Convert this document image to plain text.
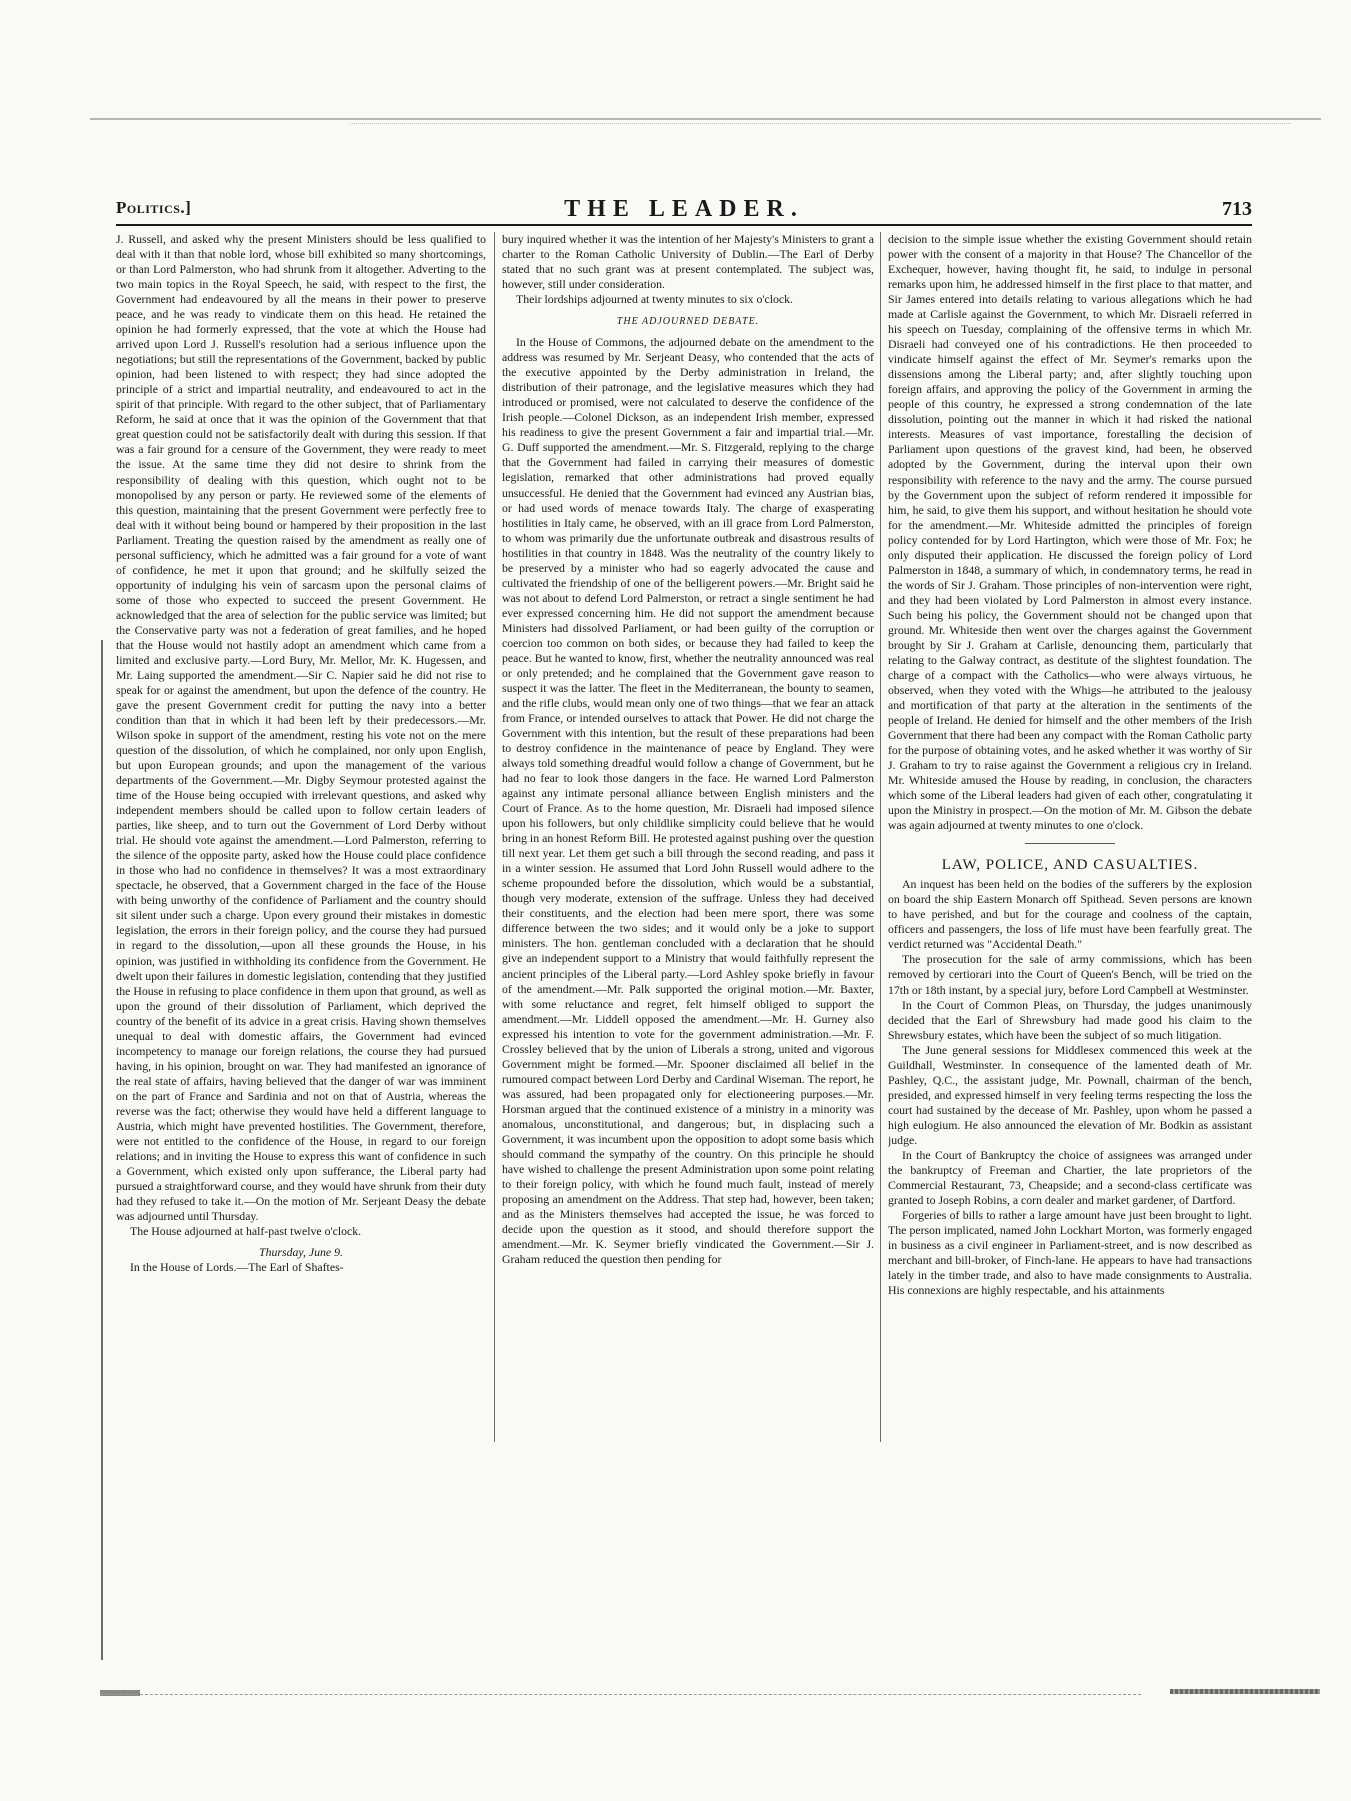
Politics.]	THE LEADER.	713

J. Russell, and asked why the present Ministers should be less qualified to deal with it than that noble lord, whose bill exhibited so many shortcomings, or than Lord Palmerston, who had shrunk from it altogether. Adverting to the two main topics in the Royal Speech, he said, with respect to the first, the Government had endeavoured by all the means in their power to preserve peace, and he was ready to vindicate them on this head. He retained the opinion he had formerly expressed, that the vote at which the House had arrived upon Lord J. Russell's resolution had a serious influence upon the negotiations; but still the representations of the Government, backed by public opinion, had been listened to with respect; they had since adopted the principle of a strict and impartial neutrality, and endeavoured to act in the spirit of that principle. With regard to the other subject, that of Parliamentary Reform, he said at once that it was the opinion of the Government that that great question could not be satisfactorily dealt with during this session. If that was a fair ground for a censure of the Government, they were ready to meet the issue. At the same time they did not desire to shrink from the responsibility of dealing with this question, which ought not to be monopolised by any person or party. He reviewed some of the elements of this question, maintaining that the present Government were perfectly free to deal with it without being bound or hampered by their proposition in the last Parliament. Treating the question raised by the amendment as really one of personal sufficiency, which he admitted was a fair ground for a vote of want of confidence, he met it upon that ground; and he skilfully seized the opportunity of indulging his vein of sarcasm upon the personal claims of some of those who expected to succeed the present Government. He acknowledged that the area of selection for the public service was limited; but the Conservative party was not a federation of great families, and he hoped that the House would not hastily adopt an amendment which came from a limited and exclusive party.—Lord Bury, Mr. Mellor, Mr. K. Hugessen, and Mr. Laing supported the amendment.—Sir C. Napier said he did not rise to speak for or against the amendment, but upon the defence of the country. He gave the present Government credit for putting the navy into a better condition than that in which it had been left by their predecessors.—Mr. Wilson spoke in support of the amendment, resting his vote not on the mere question of the dissolution, of which he complained, nor only upon English, but upon European grounds; and upon the management of the various departments of the Government.—Mr. Digby Seymour protested against the time of the House being occupied with irrelevant questions, and asked why independent members should be called upon to follow certain leaders of parties, like sheep, and to turn out the Government of Lord Derby without trial. He should vote against the amendment.—Lord Palmerston, referring to the silence of the opposite party, asked how the House could place confidence in those who had no confidence in themselves? It was a most extraordinary spectacle, he observed, that a Government charged in the face of the House with being unworthy of the confidence of Parliament and the country should sit silent under such a charge. Upon every ground their mistakes in domestic legislation, the errors in their foreign policy, and the course they had pursued in regard to the dissolution,—upon all these grounds the House, in his opinion, was justified in withholding its confidence from the Government. He dwelt upon their failures in domestic legislation, contending that they justified the House in refusing to place confidence in them upon that ground, as well as upon the ground of their dissolution of Parliament, which deprived the country of the benefit of its advice in a great crisis. Having shown themselves unequal to deal with domestic affairs, the Government had evinced incompetency to manage our foreign relations, the course they had pursued having, in his opinion, brought on war. They had manifested an ignorance of the real state of affairs, having believed that the danger of war was imminent on the part of France and Sardinia and not on that of Austria, whereas the reverse was the fact; otherwise they would have held a different language to Austria, which might have prevented hostilities. The Government, therefore, were not entitled to the confidence of the House, in regard to our foreign relations; and in inviting the House to express this want of confidence in such a Government, which existed only upon sufferance, the Liberal party had pursued a straightforward course, and they would have shrunk from their duty had they refused to take it.—On the motion of Mr. Serjeant Deasy the debate was adjourned until Thursday.

The House adjourned at half-past twelve o'clock.

Thursday, June 9.

In the House of Lords.—The Earl of Shaftes-

bury inquired whether it was the intention of her Majesty's Ministers to grant a charter to the Roman Catholic University of Dublin.—The Earl of Derby stated that no such grant was at present contemplated. The subject was, however, still under consideration.

Their lordships adjourned at twenty minutes to six o'clock.

THE ADJOURNED DEBATE.

In the House of Commons, the adjourned debate on the amendment to the address was resumed by Mr. Serjeant Deasy, who contended that the acts of the executive appointed by the Derby administration in Ireland, the distribution of their patronage, and the legislative measures which they had introduced or promised, were not calculated to deserve the confidence of the Irish people.—Colonel Dickson, as an independent Irish member, expressed his readiness to give the present Government a fair and impartial trial.—Mr. G. Duff supported the amendment.—Mr. S. Fitzgerald, replying to the charge that the Government had failed in carrying their measures of domestic legislation, remarked that other administrations had proved equally unsuccessful. He denied that the Government had evinced any Austrian bias, or had used words of menace towards Italy. The charge of exasperating hostilities in Italy came, he observed, with an ill grace from Lord Palmerston, to whom was primarily due the unfortunate outbreak and disastrous results of hostilities in that country in 1848. Was the neutrality of the country likely to be preserved by a minister who had so eagerly advocated the cause and cultivated the friendship of one of the belligerent powers.—Mr. Bright said he was not about to defend Lord Palmerston, or retract a single sentiment he had ever expressed concerning him. He did not support the amendment because Ministers had dissolved Parliament, or had been guilty of the corruption or coercion too common on both sides, or because they had failed to keep the peace. But he wanted to know, first, whether the neutrality announced was real or only pretended; and he complained that the Government gave reason to suspect it was the latter. The fleet in the Mediterranean, the bounty to seamen, and the rifle clubs, would mean only one of two things—that we fear an attack from France, or intended ourselves to attack that Power. He did not charge the Government with this intention, but the result of these preparations had been to destroy confidence in the maintenance of peace by England. They were always told something dreadful would follow a change of Government, but he had no fear to look those dangers in the face. He warned Lord Palmerston against any intimate personal alliance between English ministers and the Court of France. As to the home question, Mr. Disraeli had imposed silence upon his followers, but only childlike simplicity could believe that he would bring in an honest Reform Bill. He protested against pushing over the question till next year. Let them get such a bill through the second reading, and pass it in a winter session. He assumed that Lord John Russell would adhere to the scheme propounded before the dissolution, which would be a substantial, though very moderate, extension of the suffrage. Unless they had deceived their constituents, and the election had been mere sport, there was some difference between the two sides; and it would only be a joke to support ministers. The hon. gentleman concluded with a declaration that he should give an independent support to a Ministry that would faithfully represent the ancient principles of the Liberal party.—Lord Ashley spoke briefly in favour of the amendment.—Mr. Palk supported the original motion.—Mr. Baxter, with some reluctance and regret, felt himself obliged to support the amendment.—Mr. Liddell opposed the amendment.—Mr. H. Gurney also expressed his intention to vote for the government administration.—Mr. F. Crossley believed that by the union of Liberals a strong, united and vigorous Government might be formed.—Mr. Spooner disclaimed all belief in the rumoured compact between Lord Derby and Cardinal Wiseman. The report, he was assured, had been propagated only for electioneering purposes.—Mr. Horsman argued that the continued existence of a ministry in a minority was anomalous, unconstitutional, and dangerous; but, in displacing such a Government, it was incumbent upon the opposition to adopt some basis which should command the sympathy of the country. On this principle he should have wished to challenge the present Administration upon some point relating to their foreign policy, with which he found much fault, instead of merely proposing an amendment on the Address. That step had, however, been taken; and as the Ministers themselves had accepted the issue, he was forced to decide upon the question as it stood, and should therefore support the amendment.—Mr. K. Seymer briefly vindicated the Government.—Sir J. Graham reduced the question then pending for

decision to the simple issue whether the existing Government should retain power with the consent of a majority in that House? The Chancellor of the Exchequer, however, having thought fit, he said, to indulge in personal remarks upon him, he addressed himself in the first place to that matter, and Sir James entered into details relating to various allegations which he had made at Carlisle against the Government, to which Mr. Disraeli referred in his speech on Tuesday, complaining of the offensive terms in which Mr. Disraeli had conveyed one of his contradictions. He then proceeded to vindicate himself against the effect of Mr. Seymer's remarks upon the dissensions among the Liberal party; and, after slightly touching upon foreign affairs, and approving the policy of the Government in arming the people of this country, he expressed a strong condemnation of the late dissolution, pointing out the manner in which it had risked the national interests. Measures of vast importance, forestalling the decision of Parliament upon questions of the gravest kind, had been, he observed adopted by the Government, during the interval upon their own responsibility with reference to the navy and the army. The course pursued by the Government upon the subject of reform rendered it impossible for him, he said, to give them his support, and without hesitation he should vote for the amendment.—Mr. Whiteside admitted the principles of foreign policy contended for by Lord Hartington, which were those of Mr. Fox; he only disputed their application. He discussed the foreign policy of Lord Palmerston in 1848, a summary of which, in condemnatory terms, he read in the words of Sir J. Graham. Those principles of non-intervention were right, and they had been violated by Lord Palmerston in almost every instance. Such being his policy, the Government should not be changed upon that ground. Mr. Whiteside then went over the charges against the Government brought by Sir J. Graham at Carlisle, denouncing them, particularly that relating to the Galway contract, as destitute of the slightest foundation. The charge of a compact with the Catholics—who were always virtuous, he observed, when they voted with the Whigs—he attributed to the jealousy and mortification of that party at the alteration in the sentiments of the people of Ireland. He denied for himself and the other members of the Irish Government that there had been any compact with the Roman Catholic party for the purpose of obtaining votes, and he asked whether it was worthy of Sir J. Graham to try to raise against the Government a religious cry in Ireland. Mr. Whiteside amused the House by reading, in conclusion, the characters which some of the Liberal leaders had given of each other, congratulating it upon the Ministry in prospect.—On the motion of Mr. M. Gibson the debate was again adjourned at twenty minutes to one o'clock.

LAW, POLICE, AND CASUALTIES.

An inquest has been held on the bodies of the sufferers by the explosion on board the ship Eastern Monarch off Spithead. Seven persons are known to have perished, and but for the courage and coolness of the captain, officers and passengers, the loss of life must have been fearfully great. The verdict returned was "Accidental Death."

The prosecution for the sale of army commissions, which has been removed by certiorari into the Court of Queen's Bench, will be tried on the 17th or 18th instant, by a special jury, before Lord Campbell at Westminster.

In the Court of Common Pleas, on Thursday, the judges unanimously decided that the Earl of Shrewsbury had made good his claim to the Shrewsbury estates, which have been the subject of so much litigation.

The June general sessions for Middlesex commenced this week at the Guildhall, Westminster. In consequence of the lamented death of Mr. Pashley, Q.C., the assistant judge, Mr. Pownall, chairman of the bench, presided, and expressed himself in very feeling terms respecting the loss the court had sustained by the decease of Mr. Pashley, upon whom he passed a high eulogium. He also announced the elevation of Mr. Bodkin as assistant judge.

In the Court of Bankruptcy the choice of assignees was arranged under the bankruptcy of Freeman and Chartier, the late proprietors of the Commercial Restaurant, 73, Cheapside; and a second-class certificate was granted to Joseph Robins, a corn dealer and market gardener, of Dartford.

Forgeries of bills to rather a large amount have just been brought to light. The person implicated, named John Lockhart Morton, was formerly engaged in business as a civil engineer in Parliament-street, and is now described as merchant and bill-broker, of Finch-lane. He appears to have had transactions lately in the timber trade, and also to have made consignments to Australia. His connexions are highly respectable, and his attainments
